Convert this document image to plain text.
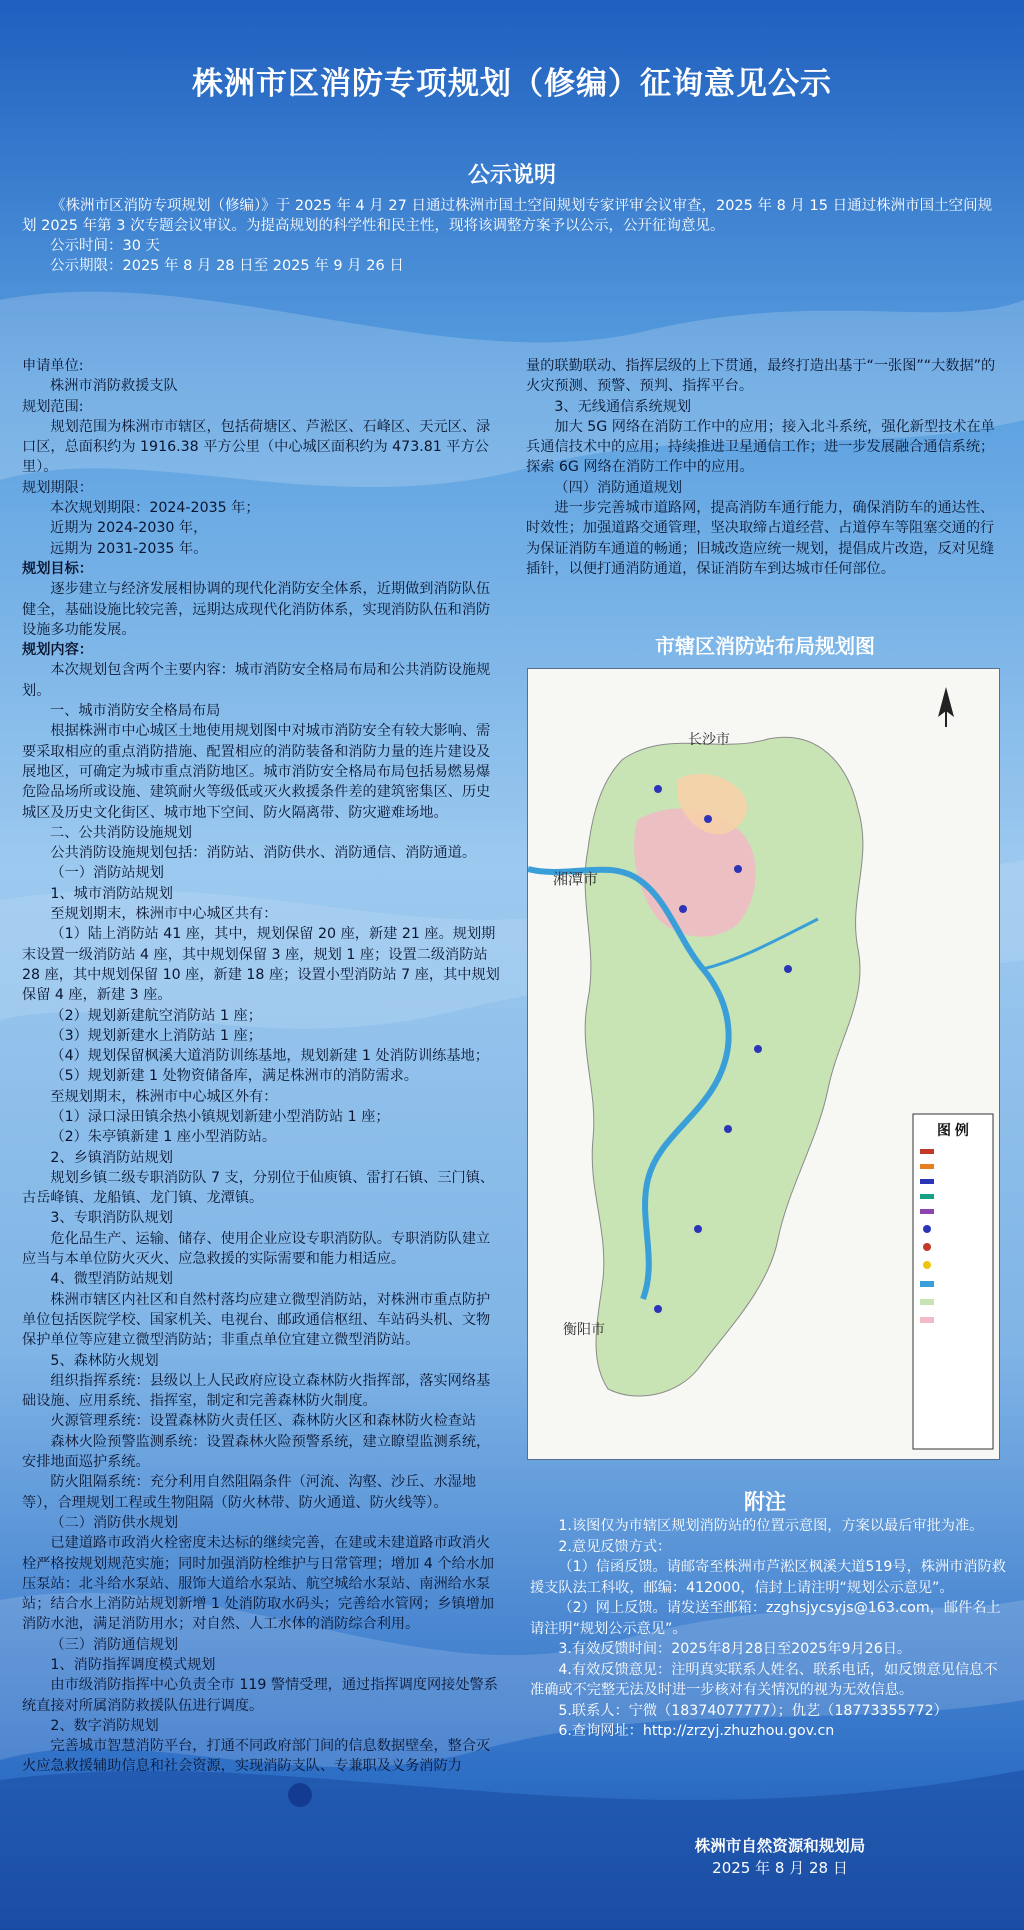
株洲市区消防专项规划（修编）征询意见公示
公示说明

《株洲市区消防专项规划（修编）》于 2025 年 4 月 27 日通过株洲市国土空间规划专家评审会议审查，2025 年 8 月 15 日通过株洲市国土空间规划 2025 年第 3 次专题会议审议。为提高规划的科学性和民主性，现将该调整方案予以公示，公开征询意见。

公示时间：30 天

公示期限：2025 年 8 月 28 日至 2025 年 9 月 26 日

申请单位:

株洲市消防救援支队

规划范围:

规划范围为株洲市市辖区，包括荷塘区、芦淞区、石峰区、天元区、渌口区，总面积约为 1916.38 平方公里（中心城区面积约为 473.81 平方公里）。

规划期限：

本次规划期限：2024-2035 年；

近期为 2024-2030 年，

远期为 2031-2035 年。

规划目标：

逐步建立与经济发展相协调的现代化消防安全体系，近期做到消防队伍健全，基础设施比较完善，远期达成现代化消防体系，实现消防队伍和消防设施多功能发展。

规划内容：

本次规划包含两个主要内容：城市消防安全格局布局和公共消防设施规划。

一、城市消防安全格局布局

根据株洲市中心城区土地使用规划图中对城市消防安全有较大影响、需要采取相应的重点消防措施、配置相应的消防装备和消防力量的连片建设及展地区，可确定为城市重点消防地区。城市消防安全格局布局包括易燃易爆危险品场所或设施、建筑耐火等级低或灭火救援条件差的建筑密集区、历史城区及历史文化街区、城市地下空间、防火隔离带、防灾避难场地。

二、公共消防设施规划

公共消防设施规划包括：消防站、消防供水、消防通信、消防通道。

（一）消防站规划

1、城市消防站规划

至规划期末，株洲市中心城区共有：

（1）陆上消防站 41 座，其中，规划保留 20 座，新建 21 座。规划期末设置一级消防站 4 座，其中规划保留 3 座，规划 1 座；设置二级消防站 28 座，其中规划保留 10 座，新建 18 座；设置小型消防站 7 座，其中规划保留 4 座，新建 3 座。

（2）规划新建航空消防站 1 座；

（3）规划新建水上消防站 1 座；

（4）规划保留枫溪大道消防训练基地，规划新建 1 处消防训练基地；

（5）规划新建 1 处物资储备库，满足株洲市的消防需求。

至规划期末，株洲市中心城区外有：

（1）渌口渌田镇余热小镇规划新建小型消防站 1 座；

（2）朱亭镇新建 1 座小型消防站。

2、乡镇消防站规划

规划乡镇二级专职消防队 7 支，分别位于仙庾镇、雷打石镇、三门镇、古岳峰镇、龙船镇、龙门镇、龙潭镇。

3、专职消防队规划

危化品生产、运输、储存、使用企业应设专职消防队。专职消防队建立应当与本单位防火灭火、应急救援的实际需要和能力相适应。

4、微型消防站规划

株洲市辖区内社区和自然村落均应建立微型消防站，对株洲市重点防护单位包括医院学校、国家机关、电视台、邮政通信枢纽、车站码头机、文物保护单位等应建立微型消防站；非重点单位宜建立微型消防站。

5、森林防火规划

组织指挥系统：县级以上人民政府应设立森林防火指挥部，落实网络基础设施、应用系统、指挥室，制定和完善森林防火制度。

火源管理系统：设置森林防火责任区、森林防火区和森林防火检查站

森林火险预警监测系统：设置森林火险预警系统，建立瞭望监测系统，安排地面巡护系统。

防火阻隔系统：充分利用自然阻隔条件（河流、沟壑、沙丘、水湿地等），合理规划工程或生物阻隔（防火林带、防火通道、防火线等）。

（二）消防供水规划

已建道路市政消火栓密度未达标的继续完善，在建或未建道路市政消火栓严格按规划规范实施；同时加强消防栓维护与日常管理；增加 4 个给水加压泵站：北斗给水泵站、服饰大道给水泵站、航空城给水泵站、南洲给水泵站；结合水上消防站规划新增 1 处消防取水码头；完善给水管网；乡镇增加消防水池，满足消防用水；对自然、人工水体的消防综合利用。

（三）消防通信规划

1、消防指挥调度模式规划

由市级消防指挥中心负责全市 119 警情受理，通过指挥调度网接处警系统直接对所属消防救援队伍进行调度。

2、数字消防规划

完善城市智慧消防平台，打通不同政府部门间的信息数据壁垒，整合灭火应急救援辅助信息和社会资源，实现消防支队、专兼职及义务消防力

量的联勤联动、指挥层级的上下贯通，最终打造出基于“一张图”“大数据”的火灾预测、预警、预判、指挥平台。

3、无线通信系统规划

加大 5G 网络在消防工作中的应用；接入北斗系统，强化新型技术在单兵通信技术中的应用；持续推进卫星通信工作；进一步发展融合通信系统；探索 6G 网络在消防工作中的应用。

（四）消防通道规划

进一步完善城市道路网，提高消防车通行能力，确保消防车的通达性、时效性；加强道路交通管理，坚决取缔占道经营、占道停车等阻塞交通的行为保证消防车通道的畅通；旧城改造应统一规划，提倡成片改造，反对见缝插针，以便打通消防通道，保证消防车到达城市任何部位。

市辖区消防站布局规划图
长沙市
湘潭市
衡阳市
图 例
附注

1.该图仅为市辖区规划消防站的位置示意图，方案以最后审批为准。

2.意见反馈方式：

（1）信函反馈。请邮寄至株洲市芦淞区枫溪大道519号，株洲市消防救援支队法工科收，邮编：412000，信封上请注明“规划公示意见”。

（2）网上反馈。请发送至邮箱：zzghsjycsyjs@163.com，邮件名上请注明“规划公示意见”。

3.有效反馈时间：2025年8月28日至2025年9月26日。

4.有效反馈意见：注明真实联系人姓名、联系电话，如反馈意见信息不准确或不完整无法及时进一步核对有关情况的视为无效信息。

5.联系人：宁微（18374077777）；仇艺（18773355772）

6.查询网址：http://zrzyj.zhuzhou.gov.cn

株洲市自然资源和规划局
2025 年 8 月 28 日
